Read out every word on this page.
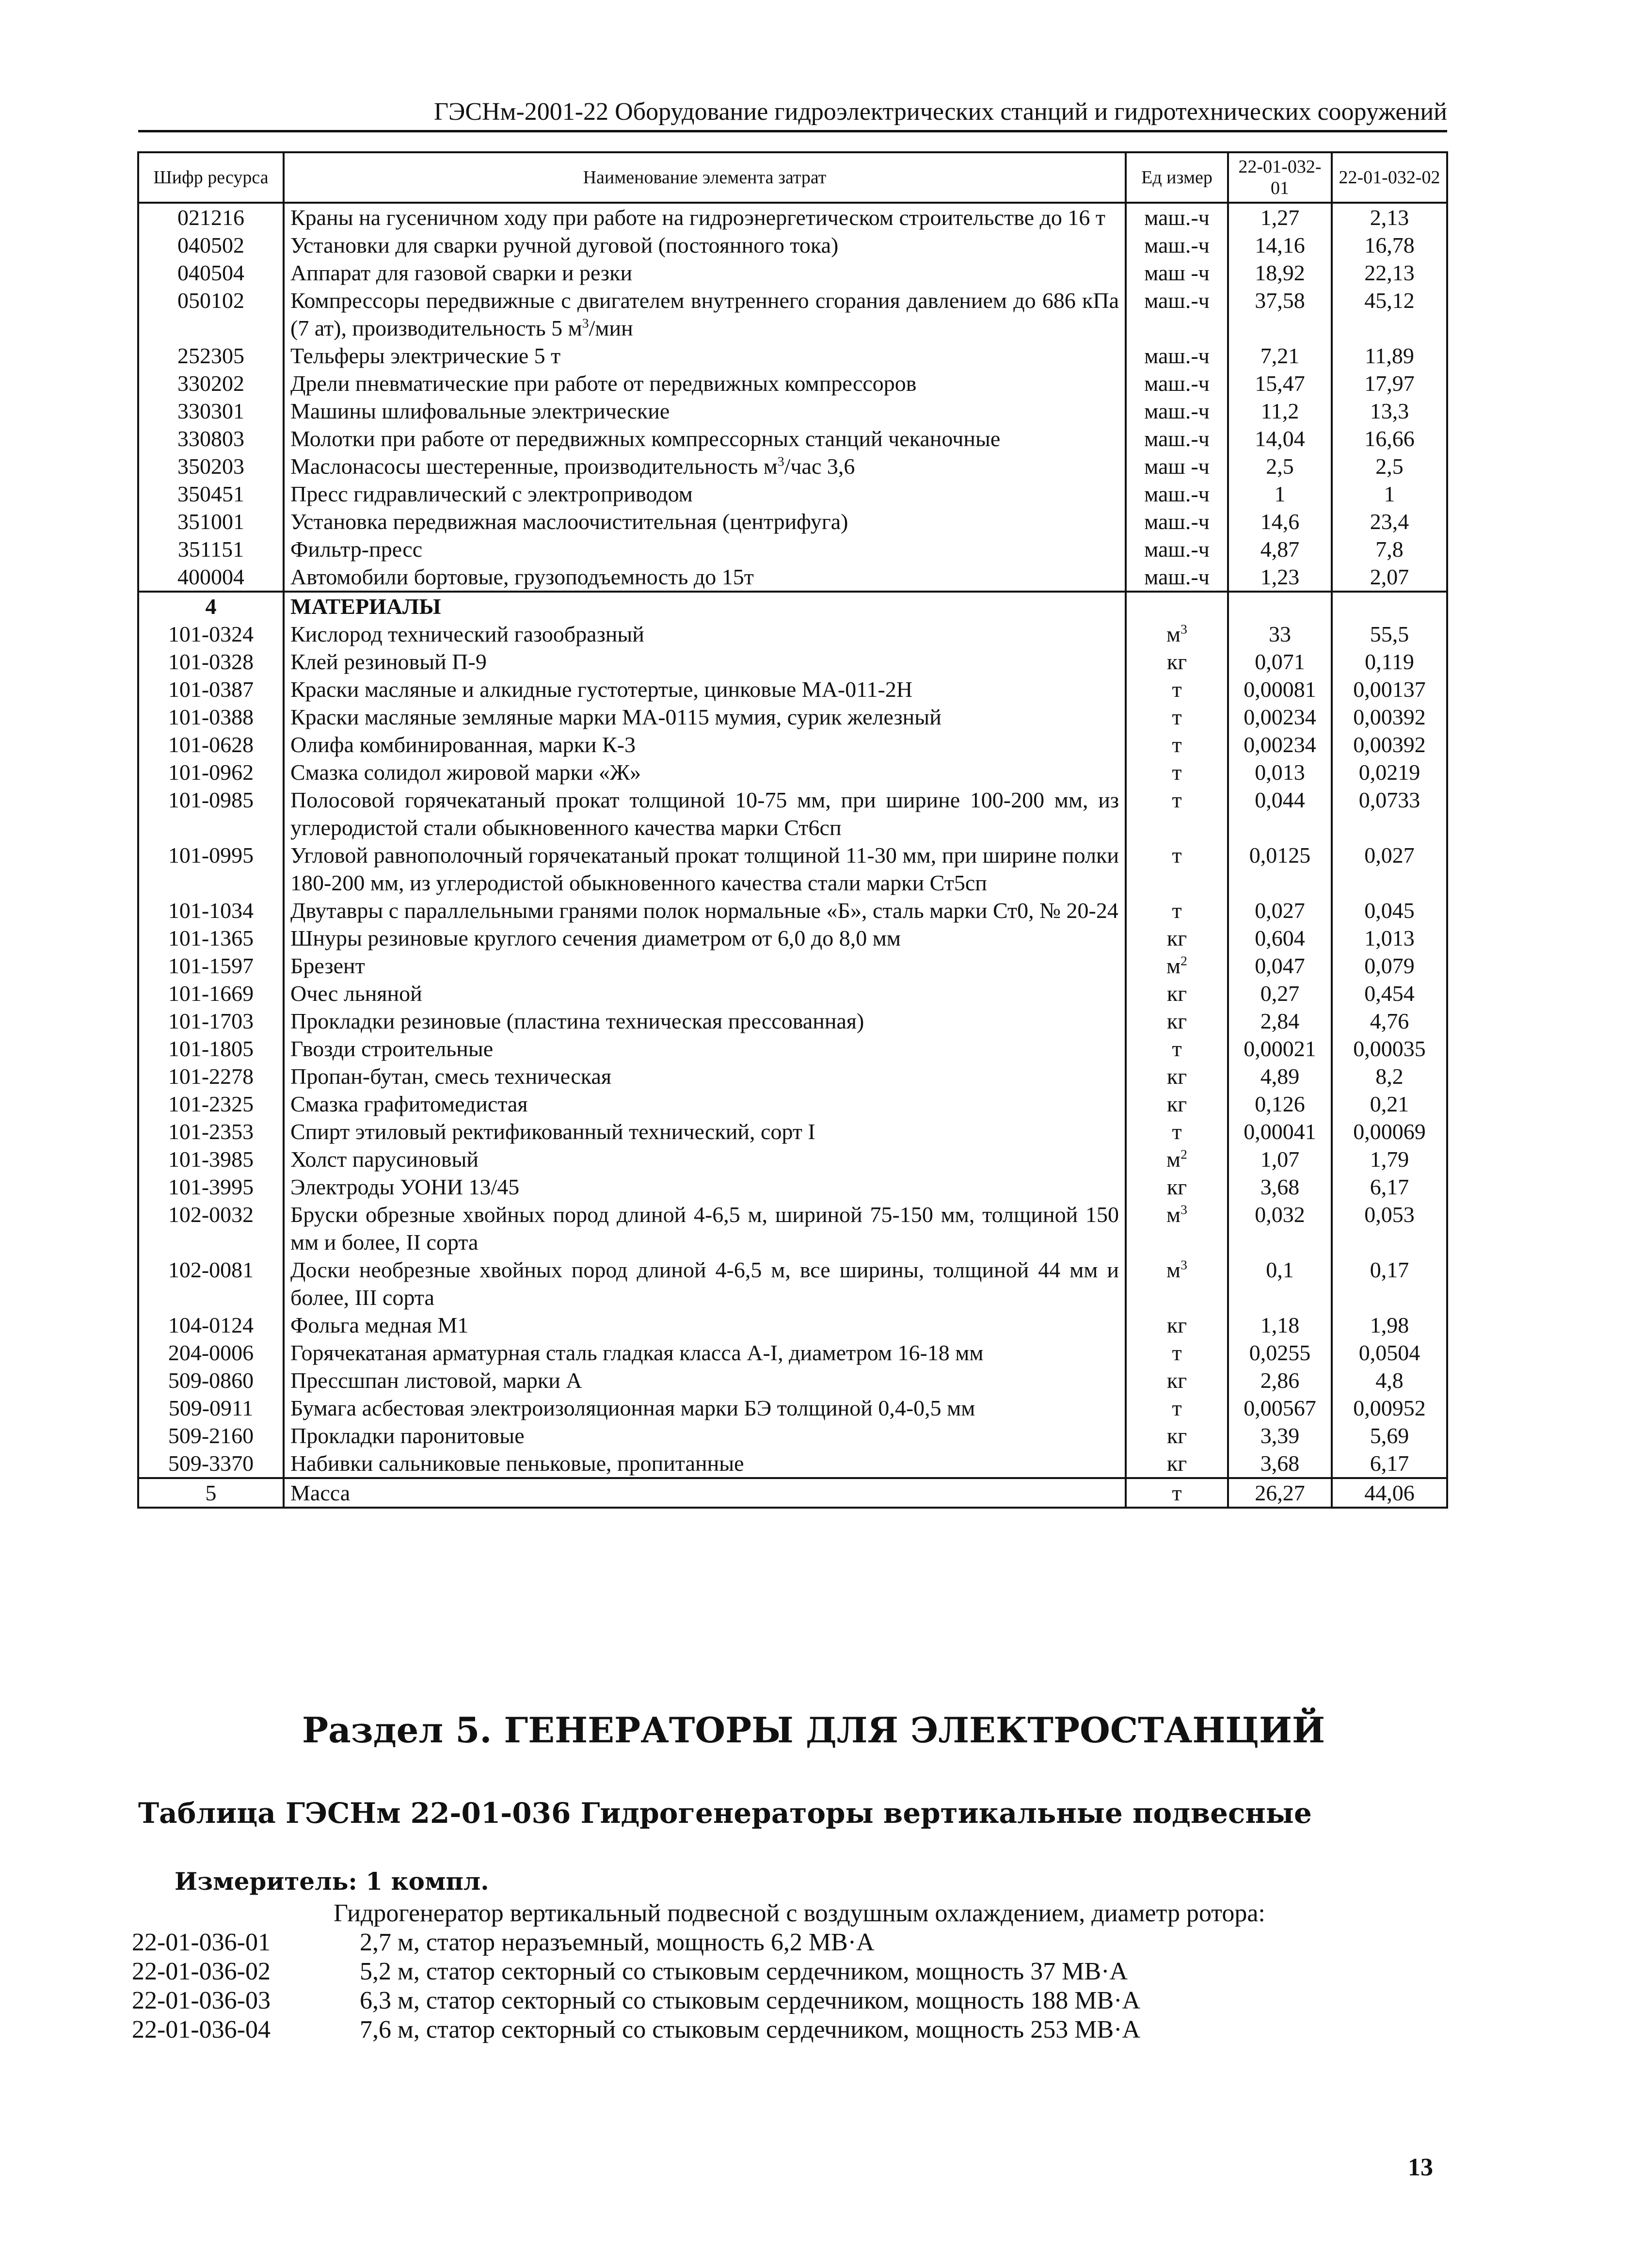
ГЭСНм-2001-22 Оборудование гидроэлектрических станций и гидротехнических сооружений
Шифр ресурса	Наименование элемента затрат	Ед измер	22-01-032-01	22-01-032-02
021216	Краны на гусеничном ходу при работе на гидроэнергетическом строительстве до 16 т	маш.-ч	1,27	2,13
040502	Установки для сварки ручной дуговой (постоянного тока)	маш.-ч	14,16	16,78
040504	Аппарат для газовой сварки и резки	маш -ч	18,92	22,13
050102	Компрессоры передвижные с двигателем внутреннего сгорания давлением до 686 кПа (7 ат), производительность 5 $м^3$/мин	маш.-ч	37,58	45,12
252305	Тельферы электрические 5 т	маш.-ч	7,21	11,89
330202	Дрели пневматические при работе от передвижных компрессоров	маш.-ч	15,47	17,97
330301	Машины шлифовальные электрические	маш.-ч	11,2	13,3
330803	Молотки при работе от передвижных компрессорных станций чеканочные	маш.-ч	14,04	16,66
350203	Маслонасосы шестеренные, производительность $м^3$/час 3,6	маш -ч	2,5	2,5
350451	Пресс гидравлический с электроприводом	маш.-ч	1	1
351001	Установка передвижная маслоочистительная (центрифуга)	маш.-ч	14,6	23,4
351151	Фильтр-пресс	маш.-ч	4,87	7,8
400004	Автомобили бортовые, грузоподъемность до 15т	маш.-ч	1,23	2,07
4	МАТЕРИАЛЫ			
101-0324	Кислород технический газообразный	$м^3$	33	55,5
101-0328	Клей резиновый П-9	кг	0,071	0,119
101-0387	Краски масляные и алкидные густотертые, цинковые МА-011-2Н	т	0,00081	0,00137
101-0388	Краски масляные земляные марки МА-0115 мумия, сурик железный	т	0,00234	0,00392
101-0628	Олифа комбинированная, марки К-3	т	0,00234	0,00392
101-0962	Смазка солидол жировой марки «Ж»	т	0,013	0,0219
101-0985	Полосовой горячекатаный прокат толщиной 10-75 мм, при ширине 100-200 мм, из углеродистой стали обыкновенного качества марки Ст6сп	т	0,044	0,0733
101-0995	Угловой равнополочный горячекатаный прокат толщиной 11-30 мм, при ширине полки 180-200 мм, из углеродистой обыкновенного качества стали марки Ст5сп	т	0,0125	0,027
101-1034	Двутавры с параллельными гранями полок нормальные «Б», сталь марки Ст0, № 20-24	т	0,027	0,045
101-1365	Шнуры резиновые круглого сечения диаметром от 6,0 до 8,0 мм	кг	0,604	1,013
101-1597	Брезент	$м^2$	0,047	0,079
101-1669	Очес льняной	кг	0,27	0,454
101-1703	Прокладки резиновые (пластина техническая прессованная)	кг	2,84	4,76
101-1805	Гвозди строительные	т	0,00021	0,00035
101-2278	Пропан-бутан, смесь техническая	кг	4,89	8,2
101-2325	Смазка графитомедистая	кг	0,126	0,21
101-2353	Спирт этиловый ректификованный технический, сорт I	т	0,00041	0,00069
101-3985	Холст парусиновый	$м^2$	1,07	1,79
101-3995	Электроды УОНИ 13/45	кг	3,68	6,17
102-0032	Бруски обрезные хвойных пород длиной 4-6,5 м, шириной 75-150 мм, толщиной 150 мм и более, II сорта	$м^3$	0,032	0,053
102-0081	Доски необрезные хвойных пород длиной 4-6,5 м, все ширины, толщиной 44 мм и более, III сорта	$м^3$	0,1	0,17
104-0124	Фольга медная М1	кг	1,18	1,98
204-0006	Горячекатаная арматурная сталь гладкая класса А-I, диаметром 16-18 мм	т	0,0255	0,0504
509-0860	Прессшпан листовой, марки А	кг	2,86	4,8
509-0911	Бумага асбестовая электроизоляционная марки БЭ толщиной 0,4-0,5 мм	т	0,00567	0,00952
509-2160	Прокладки паронитовые	кг	3,39	5,69
509-3370	Набивки сальниковые пеньковые, пропитанные	кг	3,68	6,17
5	Масса	т	26,27	44,06
Раздел 5. ГЕНЕРАТОРЫ ДЛЯ ЭЛЕКТРОСТАНЦИЙ
Таблица ГЭСНм 22-01-036 Гидрогенераторы вертикальные подвесные
Измеритель: 1 компл.
Гидрогенератор вертикальный подвесной с воздушным охлаждением, диаметр ротора:
22-01-036-01	2,7 м, статор неразъемный, мощность 6,2 МВ·А
22-01-036-02	5,2 м, статор секторный со стыковым сердечником, мощность 37 МВ·А
22-01-036-03	6,3 м, статор секторный со стыковым сердечником, мощность 188 МВ·А
22-01-036-04	7,6 м, статор секторный со стыковым сердечником, мощность 253 МВ·А
13
